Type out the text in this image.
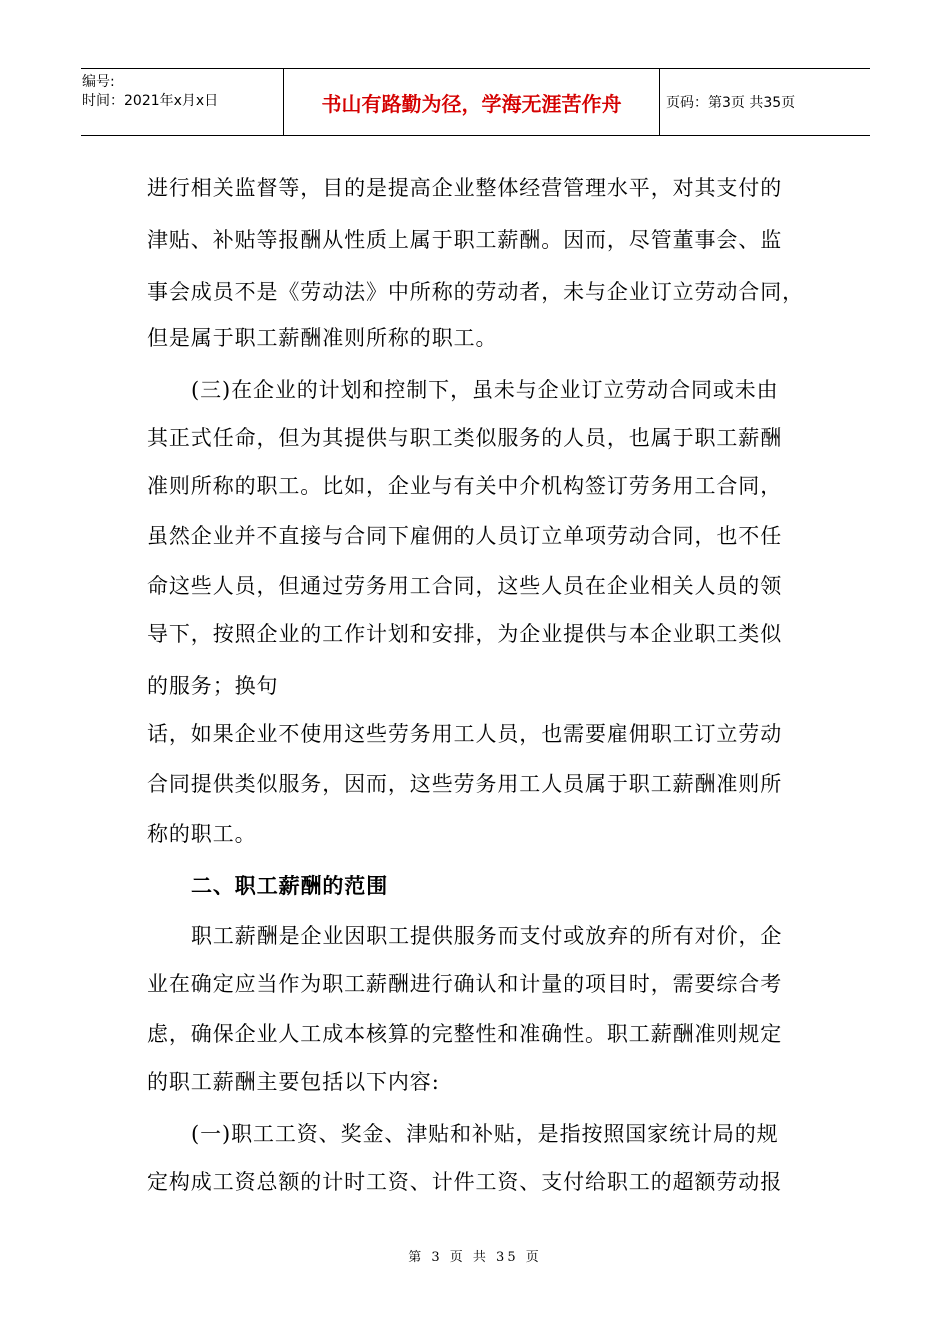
编号:
时间：2021年x月x日	书山有路勤为径，学海无涯苦作舟	页码：第3页 共35页
进行相关监督等，目的是提高企业整体经营管理水平，对其支付的
津贴、补贴等报酬从性质上属于职工薪酬。因而，尽管董事会、监
事会成员不是《劳动法》中所称的劳动者，未与企业订立劳动合同，
但是属于职工薪酬准则所称的职工。
(三)在企业的计划和控制下，虽未与企业订立劳动合同或未由
其正式任命，但为其提供与职工类似服务的人员，也属于职工薪酬
准则所称的职工。比如，企业与有关中介机构签订劳务用工合同，
虽然企业并不直接与合同下雇佣的人员订立单项劳动合同，也不任
命这些人员，但通过劳务用工合同，这些人员在企业相关人员的领
导下，按照企业的工作计划和安排，为企业提供与本企业职工类似
的服务；换句
话，如果企业不使用这些劳务用工人员，也需要雇佣职工订立劳动
合同提供类似服务，因而，这些劳务用工人员属于职工薪酬准则所
称的职工。
二、职工薪酬的范围
职工薪酬是企业因职工提供服务而支付或放弃的所有对价，企
业在确定应当作为职工薪酬进行确认和计量的项目时，需要综合考
虑，确保企业人工成本核算的完整性和准确性。职工薪酬准则规定
的职工薪酬主要包括以下内容:
(一)职工工资、奖金、津贴和补贴，是指按照国家统计局的规
定构成工资总额的计时工资、计件工资、支付给职工的超额劳动报
第 3 页 共 35 页
